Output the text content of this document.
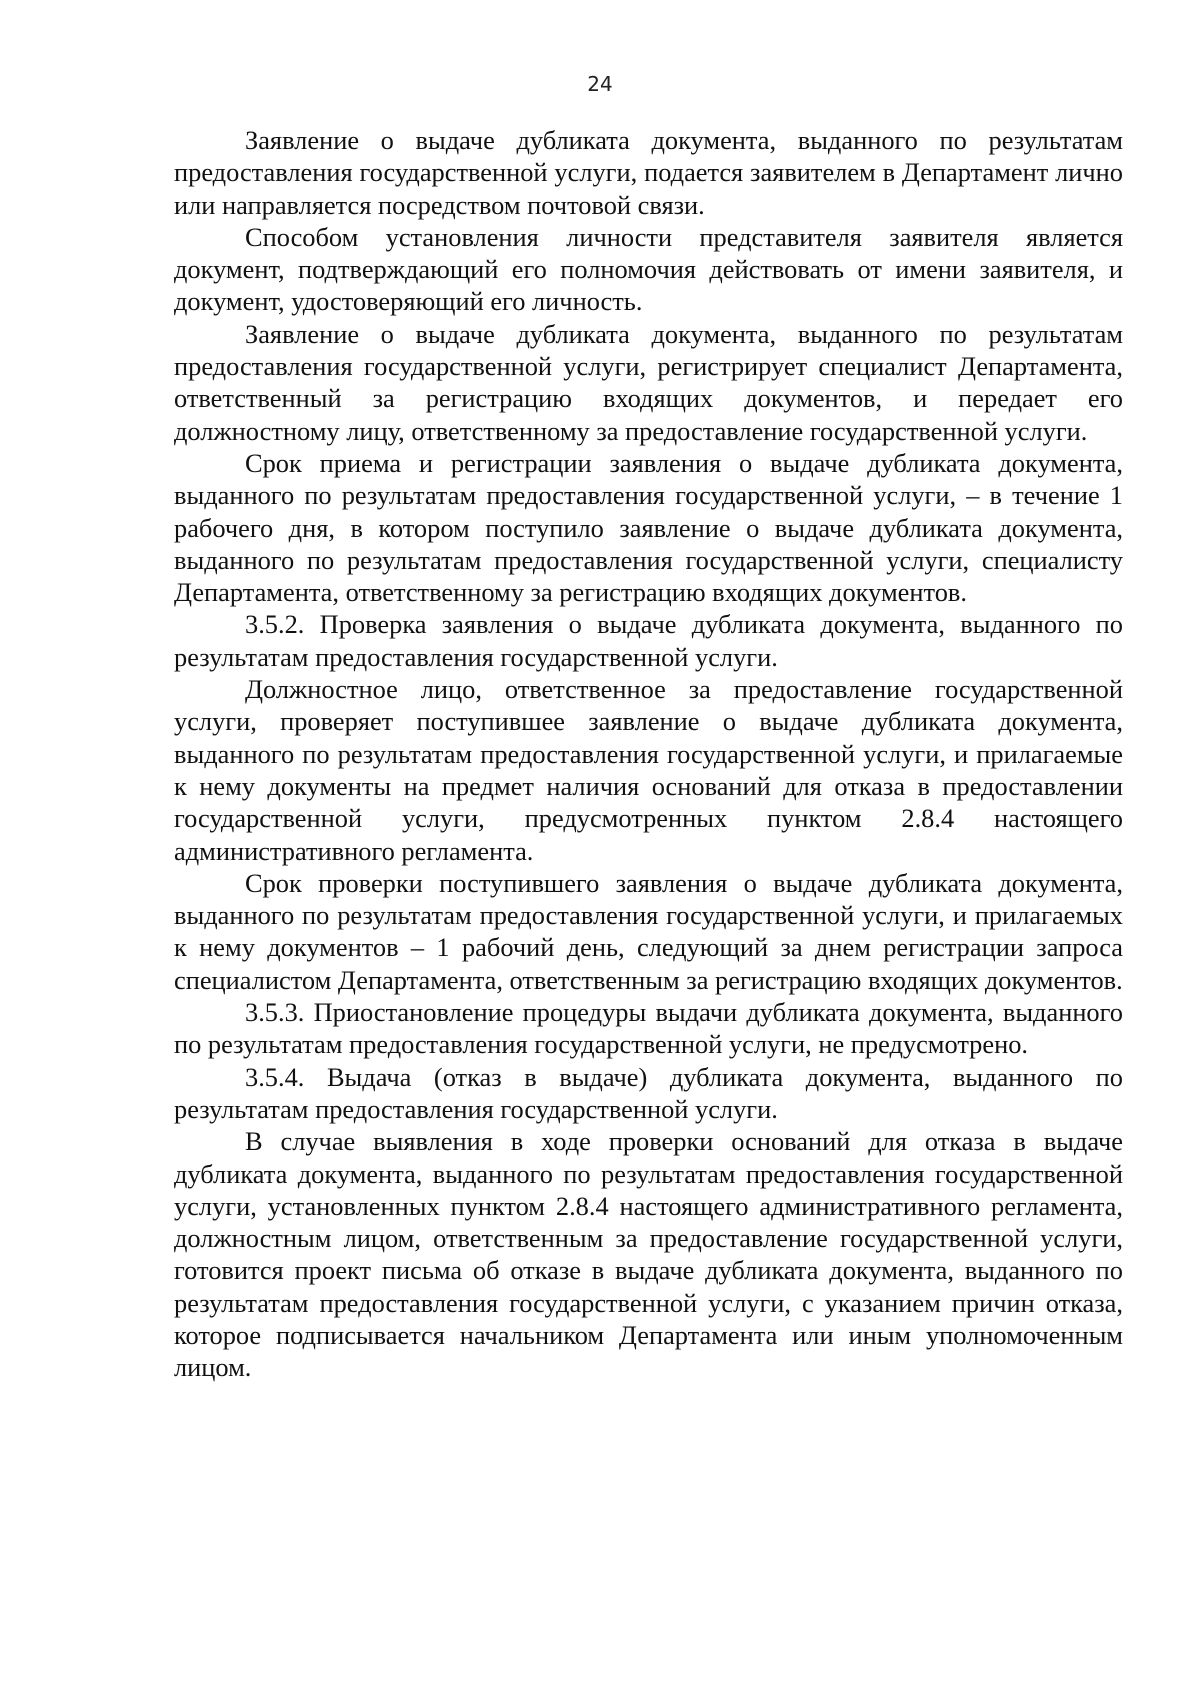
24

Заявление о выдаче дубликата документа, выданного по результатам предоставления государственной услуги, подается заявителем в Департамент лично или направляется посредством почтовой связи.

Способом установления личности представителя заявителя является документ, подтверждающий его полномочия действовать от имени заявителя, и документ, удостоверяющий его личность.

Заявление о выдаче дубликата документа, выданного по результатам предоставления государственной услуги, регистрирует специалист Департамента, ответственный за регистрацию входящих документов, и передает его должностному лицу, ответственному за предоставление государственной услуги.

Срок приема и регистрации заявления о выдаче дубликата документа, выданного по результатам предоставления государственной услуги, – в течение 1 рабочего дня, в котором поступило заявление о выдаче дубликата документа, выданного по результатам предоставления государственной услуги, специалисту Департамента, ответственному за регистрацию входящих документов.

3.5.2. Проверка заявления о выдаче дубликата документа, выданного по результатам предоставления государственной услуги.

Должностное лицо, ответственное за предоставление государственной услуги, проверяет поступившее заявление о выдаче дубликата документа, выданного по результатам предоставления государственной услуги, и прилагаемые к нему документы на предмет наличия оснований для отказа в предоставлении государственной услуги, предусмотренных пунктом 2.8.4 настоящего административного регламента.

Срок проверки поступившего заявления о выдаче дубликата документа, выданного по результатам предоставления государственной услуги, и прилагаемых к нему документов – 1 рабочий день, следующий за днем регистрации запроса специалистом Департамента, ответственным за регистрацию входящих документов.

3.5.3. Приостановление процедуры выдачи дубликата документа, выданного по результатам предоставления государственной услуги, не предусмотрено.

3.5.4. Выдача (отказ в выдаче) дубликата документа, выданного по результатам предоставления государственной услуги.

В случае выявления в ходе проверки оснований для отказа в выдаче дубликата документа, выданного по результатам предоставления государственной услуги, установленных пунктом 2.8.4 настоящего административного регламента, должностным лицом, ответственным за предоставление государственной услуги, готовится проект письма об отказе в выдаче дубликата документа, выданного по результатам предоставления государственной услуги, с указанием причин отказа, которое подписывается начальником Департамента или иным уполномоченным лицом.
